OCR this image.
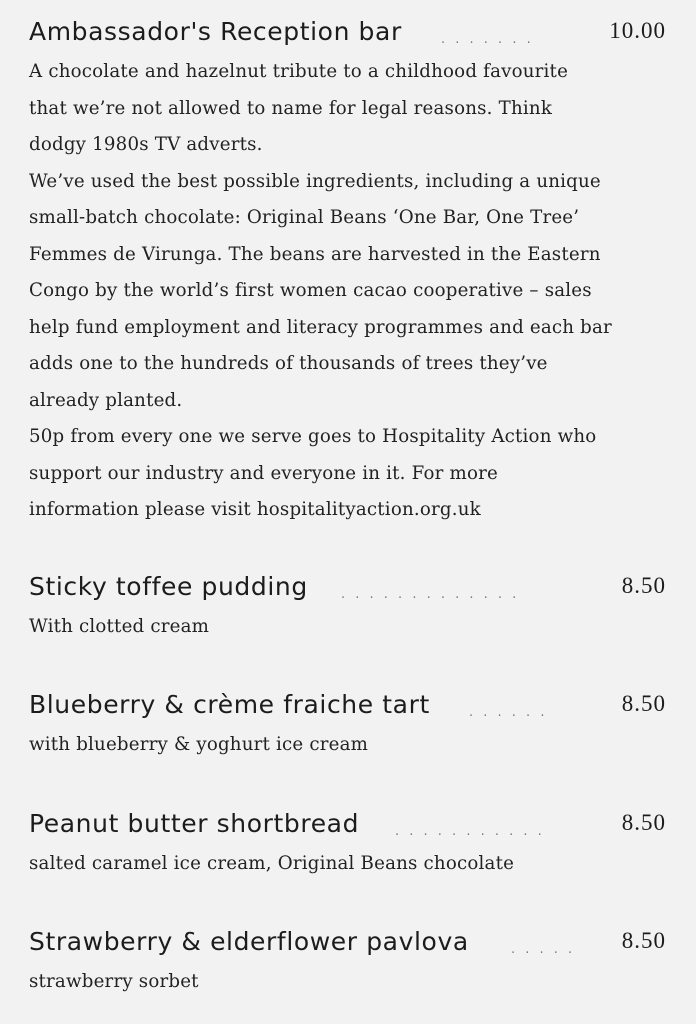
Ambassador's Reception bar	. . . . . . .	10.00

A chocolate and hazelnut tribute to a childhood favourite
that we’re not allowed to name for legal reasons. Think
dodgy 1980s TV adverts.
We’ve used the best possible ingredients, including a unique
small-batch chocolate: Original Beans ‘One Bar, One Tree’
Femmes de Virunga. The beans are harvested in the Eastern
Congo by the world’s first women cacao cooperative – sales
help fund employment and literacy programmes and each bar
adds one to the hundreds of thousands of trees they’ve
already planted.
50p from every one we serve goes to Hospitality Action who
support our industry and everyone in it. For more
information please visit hospitalityaction.org.uk

Sticky toffee pudding	. . . . . . . . . . . . .	8.50

With clotted cream

Blueberry & crème fraiche tart	. . . . . .	8.50

with blueberry & yoghurt ice cream

Peanut butter shortbread	. . . . . . . . . . .	8.50

salted caramel ice cream, Original Beans chocolate

Strawberry & elderflower pavlova	. . . . .	8.50

strawberry sorbet
